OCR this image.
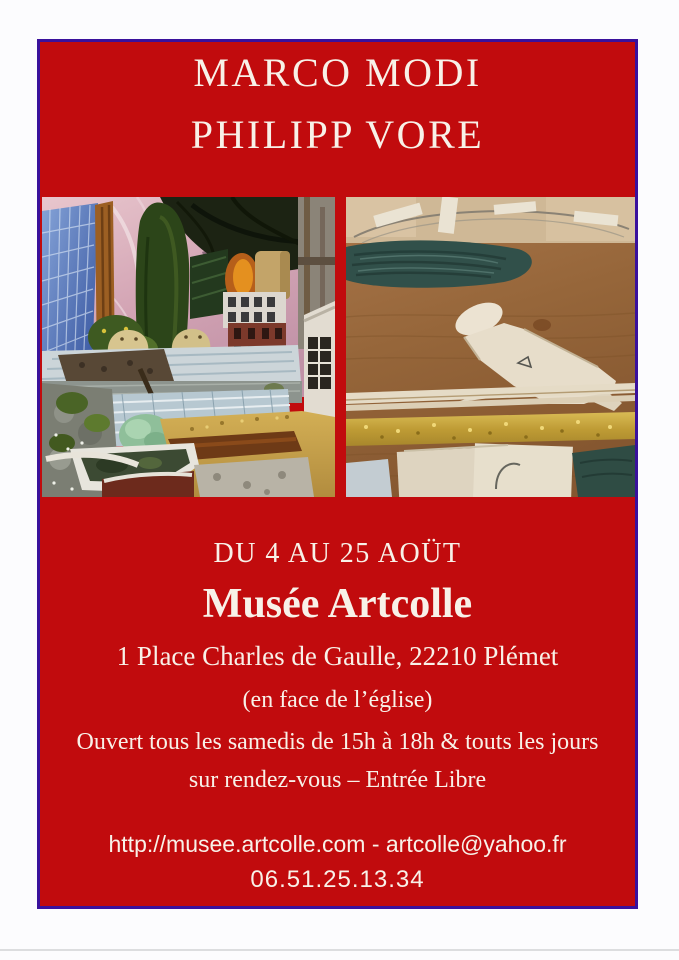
MARCO MODI
PHILIPP VORE
DU 4 AU 25 AOÜT
Musée Artcolle
1 Place Charles de Gaulle, 22210 Plémet
(en face de l’église)
Ouvert tous les samedis de 15h à 18h & touts les jours
sur rendez-vous – Entrée Libre
http://musee.artcolle.com - artcolle@yahoo.fr
06.51.25.13.34
